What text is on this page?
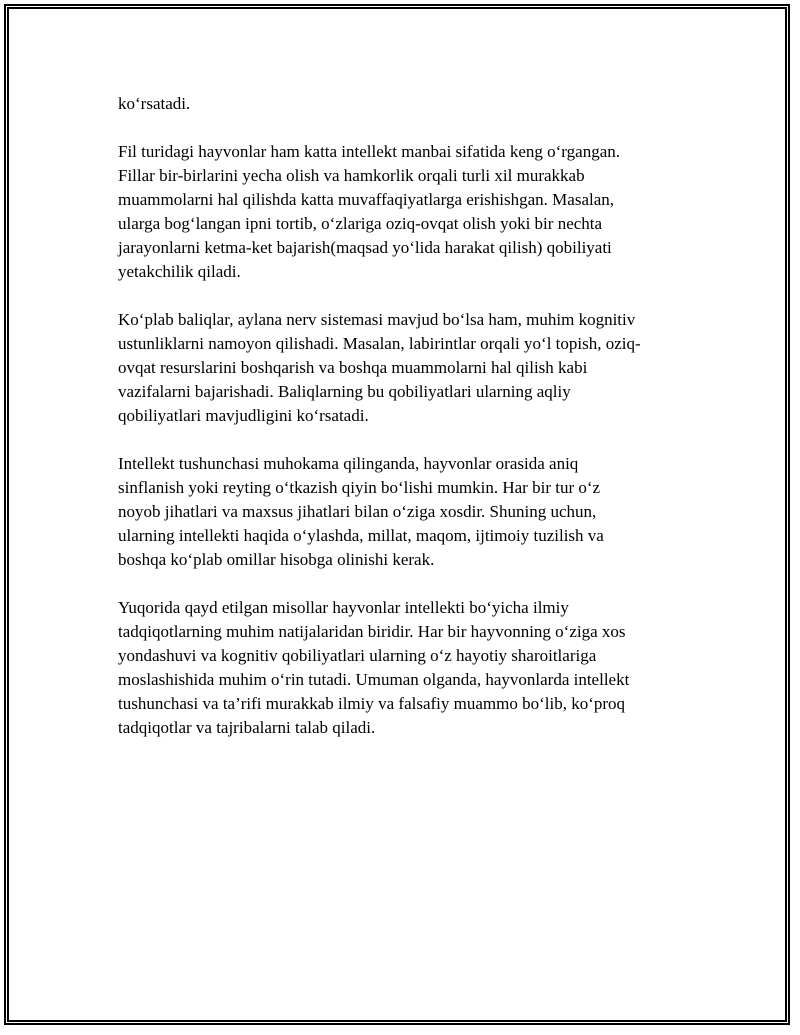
ko‘rsatadi.

Fil turidagi hayvonlar ham katta intellekt manbai sifatida keng o‘rgangan.
Fillar bir-birlarini yecha olish va hamkorlik orqali turli xil murakkab
muammolarni hal qilishda katta muvaffaqiyatlarga erishishgan. Masalan,
ularga bog‘langan ipni tortib, o‘zlariga oziq-ovqat olish yoki bir nechta
jarayonlarni ketma-ket bajarish(maqsad yo‘lida harakat qilish) qobiliyati
yetakchilik qiladi.

Ko‘plab baliqlar, aylana nerv sistemasi mavjud bo‘lsa ham, muhim kognitiv
ustunliklarni namoyon qilishadi. Masalan, labirintlar orqali yo‘l topish, oziq-
ovqat resurslarini boshqarish va boshqa muammolarni hal qilish kabi
vazifalarni bajarishadi. Baliqlarning bu qobiliyatlari ularning aqliy
qobiliyatlari mavjudligini ko‘rsatadi.

Intellekt tushunchasi muhokama qilinganda, hayvonlar orasida aniq
sinflanish yoki reyting o‘tkazish qiyin bo‘lishi mumkin. Har bir tur o‘z
noyob jihatlari va maxsus jihatlari bilan o‘ziga xosdir. Shuning uchun,
ularning intellekti haqida o‘ylashda, millat, maqom, ijtimoiy tuzilish va
boshqa ko‘plab omillar hisobga olinishi kerak.

Yuqorida qayd etilgan misollar hayvonlar intellekti bo‘yicha ilmiy
tadqiqotlarning muhim natijalaridan biridir. Har bir hayvonning o‘ziga xos
yondashuvi va kognitiv qobiliyatlari ularning o‘z hayotiy sharoitlariga
moslashishida muhim o‘rin tutadi. Umuman olganda, hayvonlarda intellekt
tushunchasi va ta’rifi murakkab ilmiy va falsafiy muammo bo‘lib, ko‘proq
tadqiqotlar va tajribalarni talab qiladi.
